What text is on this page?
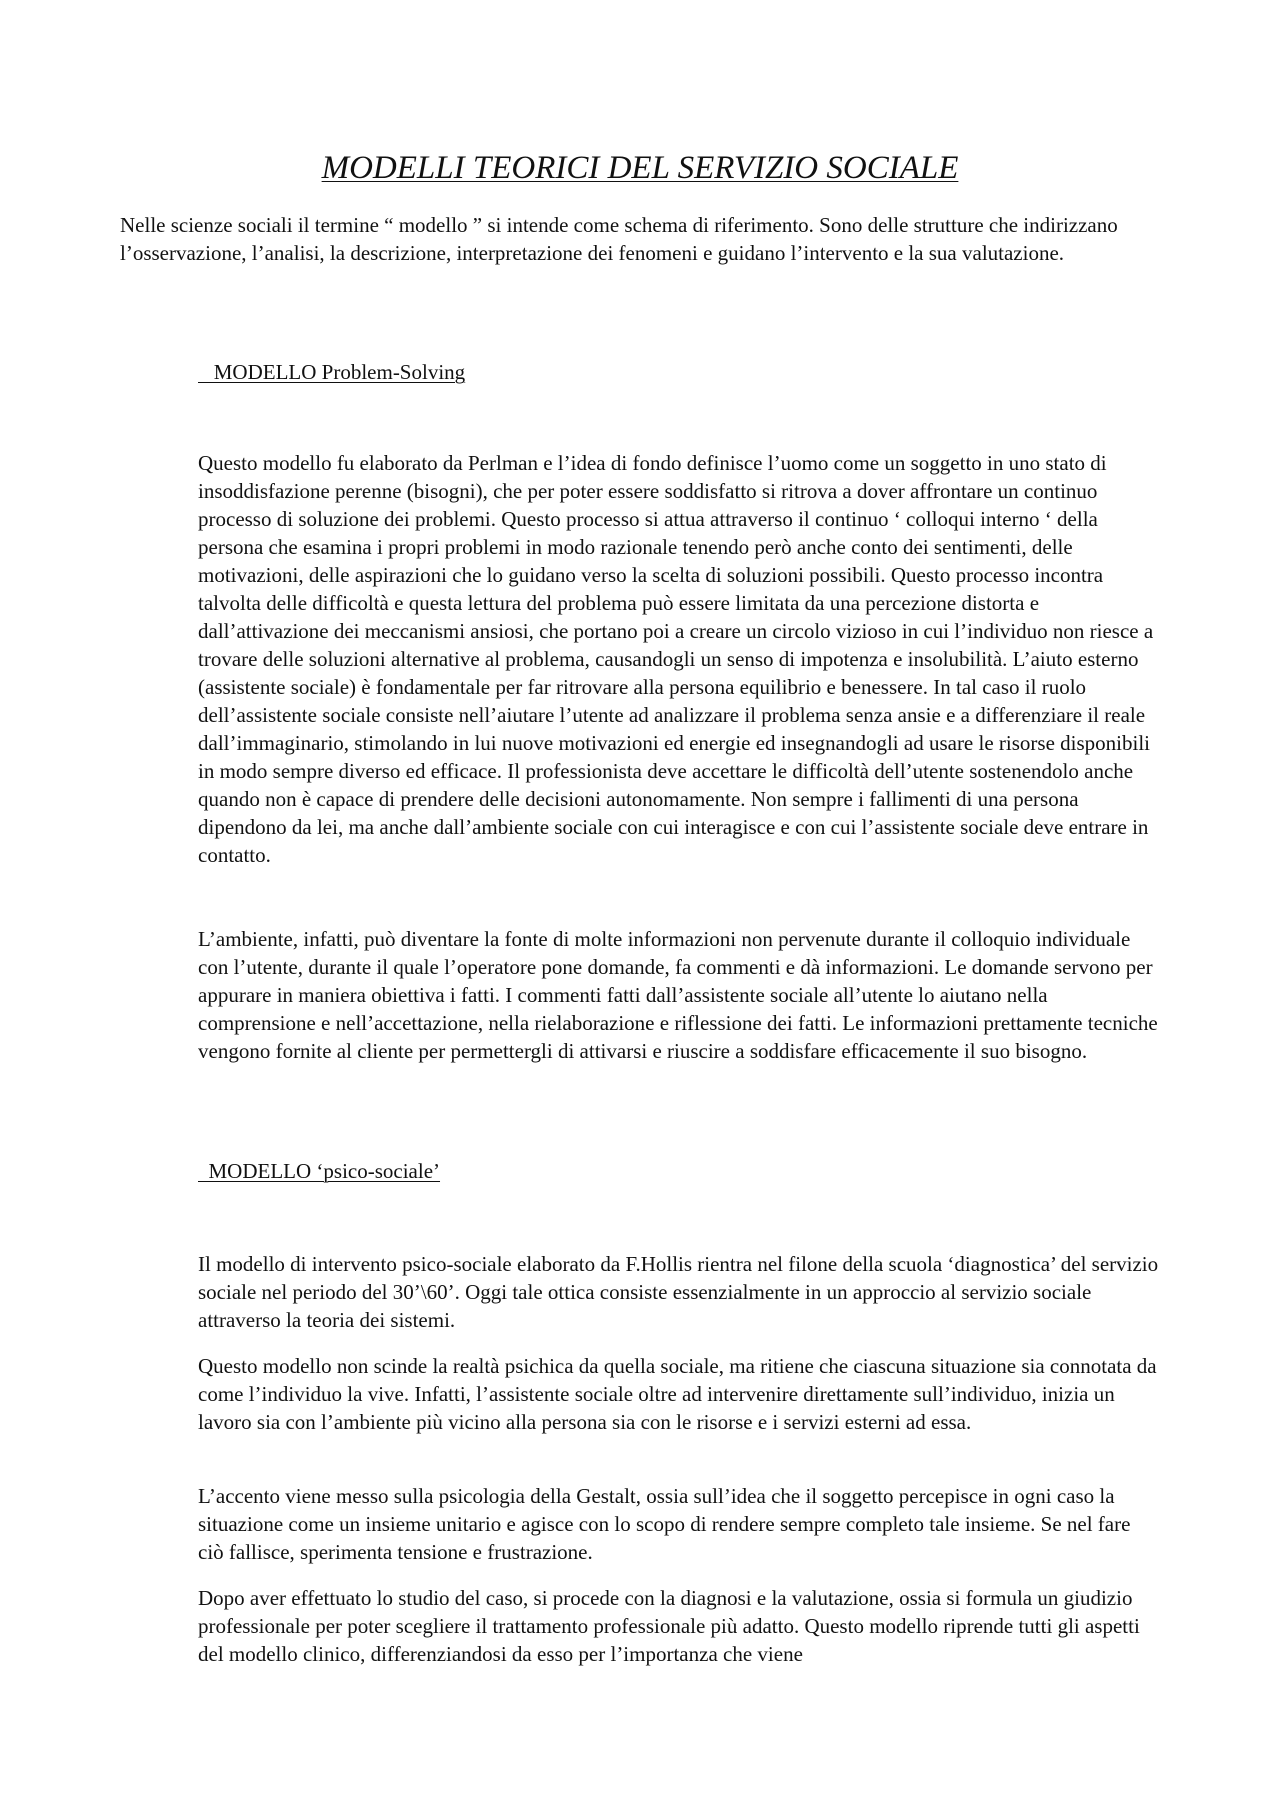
MODELLI TEORICI DEL SERVIZIO SOCIALE

Nelle scienze sociali il termine “ modello ” si intende come schema di riferimento. Sono delle strutture che indirizzano l’osservazione, l’analisi, la descrizione, interpretazione dei fenomeni e guidano l’intervento e la sua valutazione.

MODELLO Problem-Solving

Questo modello fu elaborato da Perlman e l’idea di fondo definisce l’uomo come un soggetto in uno stato di insoddisfazione perenne (bisogni), che per poter essere soddisfatto si ritrova a dover affrontare un continuo processo di soluzione dei problemi. Questo processo si attua attraverso il continuo ‘ colloqui interno ‘ della persona che esamina i propri problemi in modo razionale tenendo però anche conto dei sentimenti, delle motivazioni, delle aspirazioni che lo guidano verso la scelta di soluzioni possibili. Questo processo incontra talvolta delle difficoltà e questa lettura del problema può essere limitata da una percezione distorta e dall’attivazione dei meccanismi ansiosi, che portano poi a creare un circolo vizioso in cui l’individuo non riesce a trovare delle soluzioni alternative al problema, causandogli un senso di impotenza e insolubilità. L’aiuto esterno (assistente sociale) è fondamentale per far ritrovare alla persona equilibrio e benessere. In tal caso il ruolo dell’assistente sociale consiste nell’aiutare l’utente ad analizzare il problema senza ansie e a differenziare il reale dall’immaginario, stimolando in lui nuove motivazioni ed energie ed insegnandogli ad usare le risorse disponibili in modo sempre diverso ed efficace. Il professionista deve accettare le difficoltà dell’utente sostenendolo anche quando non è capace di prendere delle decisioni autonomamente. Non sempre i fallimenti di una persona dipendono da lei, ma anche dall’ambiente sociale con cui interagisce e con cui l’assistente sociale deve entrare in contatto.

L’ambiente, infatti, può diventare la fonte di molte informazioni non pervenute durante il colloquio individuale con l’utente, durante il quale l’operatore pone domande, fa commenti e dà informazioni. Le domande servono per appurare in maniera obiettiva i fatti. I commenti fatti dall’assistente sociale all’utente lo aiutano nella comprensione e nell’accettazione, nella rielaborazione e riflessione dei fatti. Le informazioni prettamente tecniche vengono fornite al cliente per permettergli di attivarsi e riuscire a soddisfare efficacemente il suo bisogno.

MODELLO ‘psico-sociale’

Il modello di intervento psico-sociale elaborato da F.Hollis rientra nel filone della scuola ‘diagnostica’ del servizio sociale nel periodo del 30’\60’. Oggi tale ottica consiste essenzialmente in un approccio al servizio sociale attraverso la teoria dei sistemi.

Questo modello non scinde la realtà psichica da quella sociale, ma ritiene che ciascuna situazione sia connotata da come l’individuo la vive. Infatti, l’assistente sociale oltre ad intervenire direttamente sull’individuo, inizia un lavoro sia con l’ambiente più vicino alla persona sia con le risorse e i servizi esterni ad essa.

L’accento viene messo sulla psicologia della Gestalt, ossia sull’idea che il soggetto percepisce in ogni caso la situazione come un insieme unitario e agisce con lo scopo di rendere sempre completo tale insieme. Se nel fare ciò fallisce, sperimenta tensione e frustrazione.

Dopo aver effettuato lo studio del caso, si procede con la diagnosi e la valutazione, ossia si formula un giudizio professionale per poter scegliere il trattamento professionale più adatto. Questo modello riprende tutti gli aspetti del modello clinico, differenziandosi da esso per l’importanza che viene
